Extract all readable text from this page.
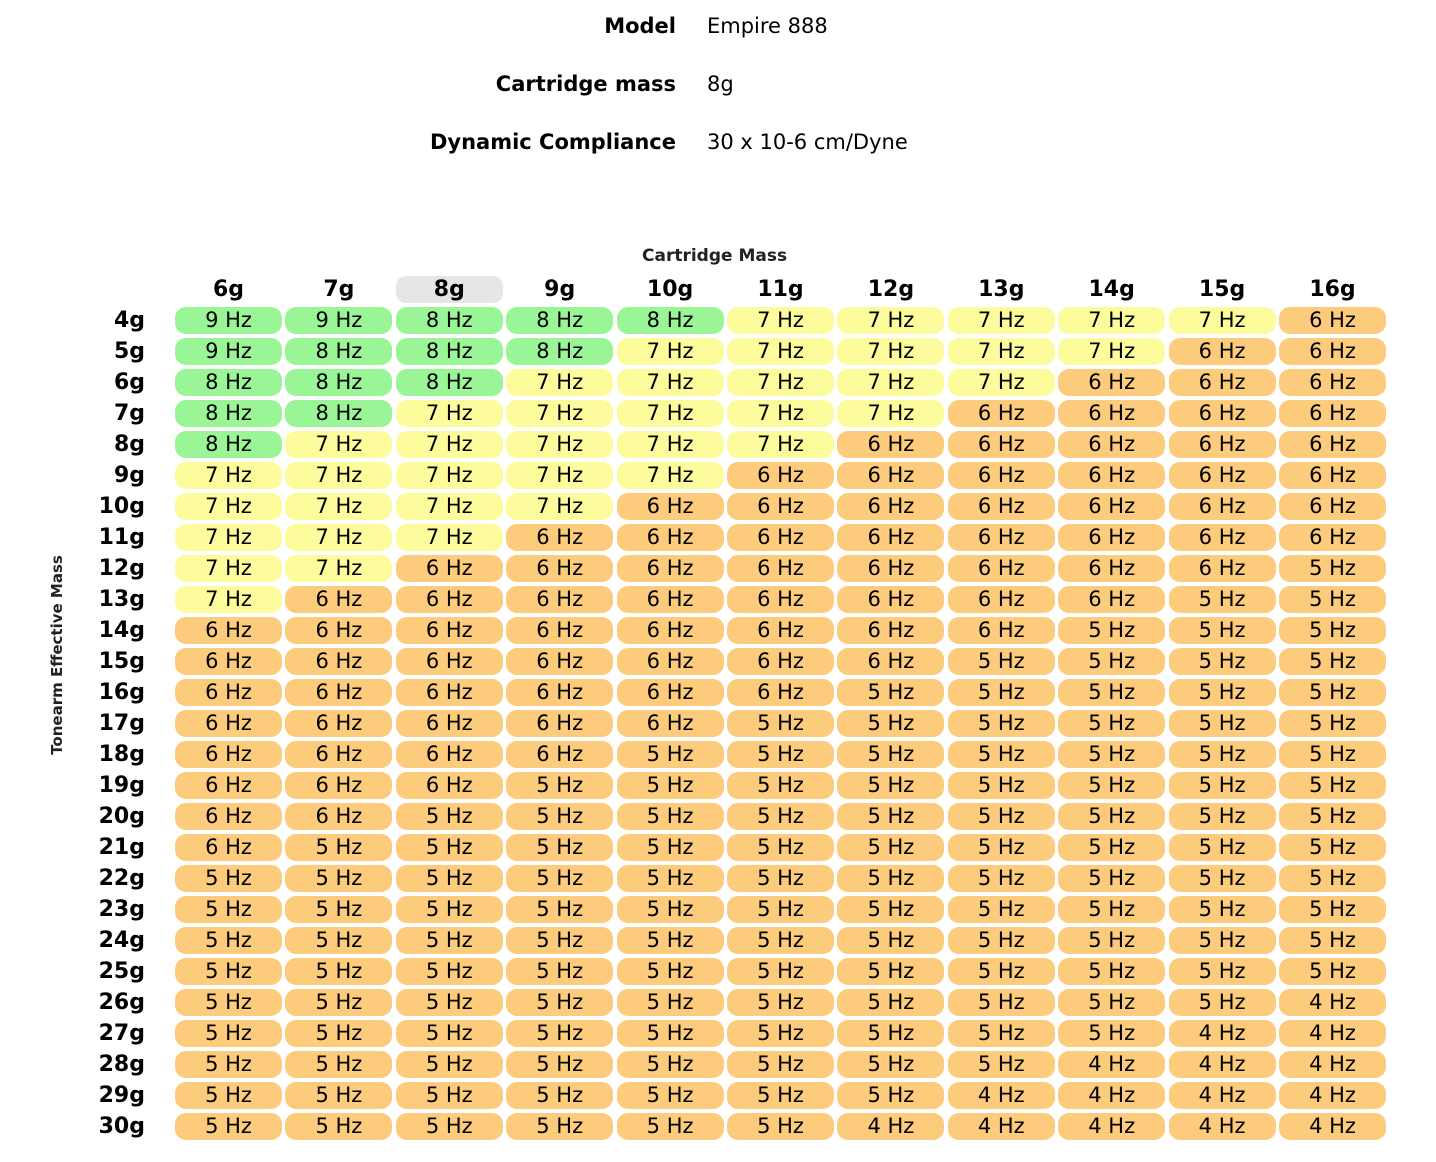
Model Empire 888
Cartridge mass 8g
Dynamic Compliance 30 x 10-6 cm/Dyne
Cartridge Mass
Tonearm Effective Mass
6g	7g	8g	9g	10g	11g	12g	13g	14g	15g	16g
4g	9 Hz	9 Hz	8 Hz	8 Hz	8 Hz	7 Hz	7 Hz	7 Hz	7 Hz	7 Hz	6 Hz
5g	9 Hz	8 Hz	8 Hz	8 Hz	7 Hz	7 Hz	7 Hz	7 Hz	7 Hz	6 Hz	6 Hz
6g	8 Hz	8 Hz	8 Hz	7 Hz	7 Hz	7 Hz	7 Hz	7 Hz	6 Hz	6 Hz	6 Hz
7g	8 Hz	8 Hz	7 Hz	7 Hz	7 Hz	7 Hz	7 Hz	6 Hz	6 Hz	6 Hz	6 Hz
8g	8 Hz	7 Hz	7 Hz	7 Hz	7 Hz	7 Hz	6 Hz	6 Hz	6 Hz	6 Hz	6 Hz
9g	7 Hz	7 Hz	7 Hz	7 Hz	7 Hz	6 Hz	6 Hz	6 Hz	6 Hz	6 Hz	6 Hz
10g	7 Hz	7 Hz	7 Hz	7 Hz	6 Hz	6 Hz	6 Hz	6 Hz	6 Hz	6 Hz	6 Hz
11g	7 Hz	7 Hz	7 Hz	6 Hz	6 Hz	6 Hz	6 Hz	6 Hz	6 Hz	6 Hz	6 Hz
12g	7 Hz	7 Hz	6 Hz	6 Hz	6 Hz	6 Hz	6 Hz	6 Hz	6 Hz	6 Hz	5 Hz
13g	7 Hz	6 Hz	6 Hz	6 Hz	6 Hz	6 Hz	6 Hz	6 Hz	6 Hz	5 Hz	5 Hz
14g	6 Hz	6 Hz	6 Hz	6 Hz	6 Hz	6 Hz	6 Hz	6 Hz	5 Hz	5 Hz	5 Hz
15g	6 Hz	6 Hz	6 Hz	6 Hz	6 Hz	6 Hz	6 Hz	5 Hz	5 Hz	5 Hz	5 Hz
16g	6 Hz	6 Hz	6 Hz	6 Hz	6 Hz	6 Hz	5 Hz	5 Hz	5 Hz	5 Hz	5 Hz
17g	6 Hz	6 Hz	6 Hz	6 Hz	6 Hz	5 Hz	5 Hz	5 Hz	5 Hz	5 Hz	5 Hz
18g	6 Hz	6 Hz	6 Hz	6 Hz	5 Hz	5 Hz	5 Hz	5 Hz	5 Hz	5 Hz	5 Hz
19g	6 Hz	6 Hz	6 Hz	5 Hz	5 Hz	5 Hz	5 Hz	5 Hz	5 Hz	5 Hz	5 Hz
20g	6 Hz	6 Hz	5 Hz	5 Hz	5 Hz	5 Hz	5 Hz	5 Hz	5 Hz	5 Hz	5 Hz
21g	6 Hz	5 Hz	5 Hz	5 Hz	5 Hz	5 Hz	5 Hz	5 Hz	5 Hz	5 Hz	5 Hz
22g	5 Hz	5 Hz	5 Hz	5 Hz	5 Hz	5 Hz	5 Hz	5 Hz	5 Hz	5 Hz	5 Hz
23g	5 Hz	5 Hz	5 Hz	5 Hz	5 Hz	5 Hz	5 Hz	5 Hz	5 Hz	5 Hz	5 Hz
24g	5 Hz	5 Hz	5 Hz	5 Hz	5 Hz	5 Hz	5 Hz	5 Hz	5 Hz	5 Hz	5 Hz
25g	5 Hz	5 Hz	5 Hz	5 Hz	5 Hz	5 Hz	5 Hz	5 Hz	5 Hz	5 Hz	5 Hz
26g	5 Hz	5 Hz	5 Hz	5 Hz	5 Hz	5 Hz	5 Hz	5 Hz	5 Hz	5 Hz	4 Hz
27g	5 Hz	5 Hz	5 Hz	5 Hz	5 Hz	5 Hz	5 Hz	5 Hz	5 Hz	4 Hz	4 Hz
28g	5 Hz	5 Hz	5 Hz	5 Hz	5 Hz	5 Hz	5 Hz	5 Hz	4 Hz	4 Hz	4 Hz
29g	5 Hz	5 Hz	5 Hz	5 Hz	5 Hz	5 Hz	5 Hz	4 Hz	4 Hz	4 Hz	4 Hz
30g	5 Hz	5 Hz	5 Hz	5 Hz	5 Hz	5 Hz	4 Hz	4 Hz	4 Hz	4 Hz	4 Hz
